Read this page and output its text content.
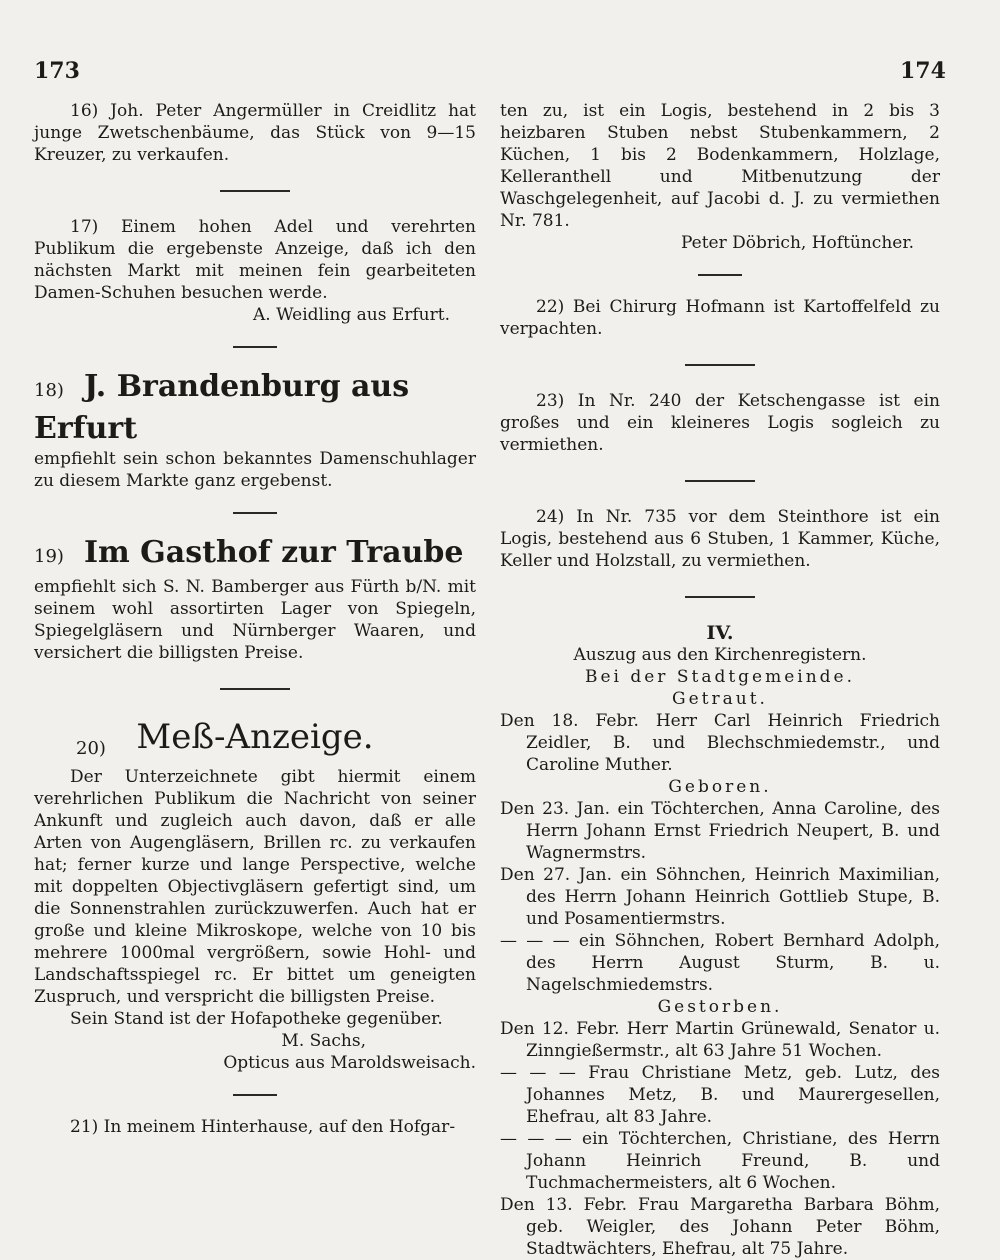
173	174

16) Joh. Peter Angermüller in Creidlitz hat junge Zwetschenbäume, das Stück von 9—15 Kreuzer, zu verkaufen.

17) Einem hohen Adel und verehrten Publikum die ergebenste Anzeige, daß ich den nächsten Markt mit meinen fein gearbeiteten Damen-Schuhen besuchen werde.

A. Weidling aus Erfurt.

18) J. Brandenburg aus Erfurt

empfiehlt sein schon bekanntes Damenschuhlager zu diesem Markte ganz ergebenst.

19) Im Gasthof zur Traube

empfiehlt sich S. N. Bamberger aus Fürth b/N. mit seinem wohl assortirten Lager von Spiegeln, Spiegelgläsern und Nürnberger Waaren, und versichert die billigsten Preise.

20) Meß-Anzeige.

Der Unterzeichnete gibt hiermit einem verehrlichen Publikum die Nachricht von seiner Ankunft und zugleich auch davon, daß er alle Arten von Augengläsern, Brillen rc. zu verkaufen hat; ferner kurze und lange Perspective, welche mit doppelten Objectivgläsern gefertigt sind, um die Sonnenstrahlen zurückzuwerfen. Auch hat er große und kleine Mikroskope, welche von 10 bis mehrere 1000mal vergrößern, sowie Hohl- und Landschaftsspiegel rc. Er bittet um geneigten Zuspruch, und verspricht die billigsten Preise.

Sein Stand ist der Hofapotheke gegenüber.

M. Sachs,

Opticus aus Maroldsweisach.

21) In meinem Hinterhause, auf den Hofgar-

ten zu, ist ein Logis, bestehend in 2 bis 3 heizbaren Stuben nebst Stubenkammern, 2 Küchen, 1 bis 2 Bodenkammern, Holzlage, Kelleranthell und Mitbenutzung der Waschgelegenheit, auf Jacobi d. J. zu vermiethen Nr. 781.

Peter Döbrich, Hoftüncher.

22) Bei Chirurg Hofmann ist Kartoffelfeld zu verpachten.

23) In Nr. 240 der Ketschengasse ist ein großes und ein kleineres Logis sogleich zu vermiethen.

24) In Nr. 735 vor dem Steinthore ist ein Logis, bestehend aus 6 Stuben, 1 Kammer, Küche, Keller und Holzstall, zu vermiethen.

IV.

Auszug aus den Kirchenregistern.

Bei der Stadtgemeinde.

Getraut.

Den 18. Febr. Herr Carl Heinrich Friedrich Zeidler, B. und Blechschmiedemstr., und Caroline Muther.

Geboren.

Den 23. Jan. ein Töchterchen, Anna Caroline, des Herrn Johann Ernst Friedrich Neupert, B. und Wagnermstrs.

Den 27. Jan. ein Söhnchen, Heinrich Maximilian, des Herrn Johann Heinrich Gottlieb Stupe, B. und Posamentiermstrs.

— — — ein Söhnchen, Robert Bernhard Adolph, des Herrn August Sturm, B. u. Nagelschmiedemstrs.

Gestorben.

Den 12. Febr. Herr Martin Grünewald, Senator u. Zinngießermstr., alt 63 Jahre 51 Wochen.

— — — Frau Christiane Metz, geb. Lutz, des Johannes Metz, B. und Maurergesellen, Ehefrau, alt 83 Jahre.

— — — ein Töchterchen, Christiane, des Herrn Johann Heinrich Freund, B. und Tuchmachermeisters, alt 6 Wochen.

Den 13. Febr. Frau Margaretha Barbara Böhm, geb. Weigler, des Johann Peter Böhm, Stadtwächters, Ehefrau, alt 75 Jahre.
